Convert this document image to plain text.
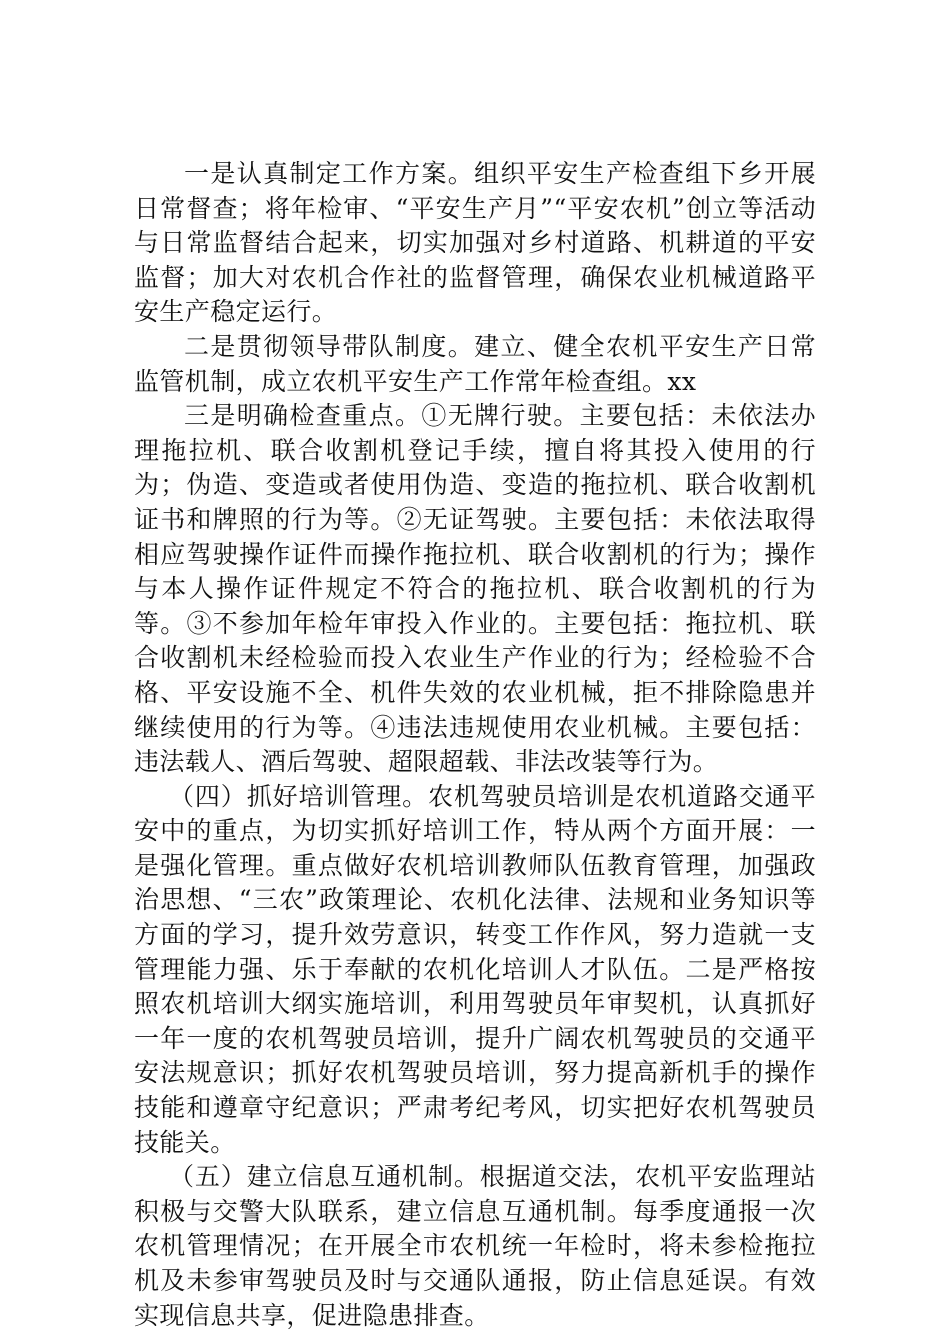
一是认真制定工作方案。组织平安生产检查组下乡开展日常督查；将年检审、“平安生产月”“平安农机”创立等活动与日常监督结合起来，切实加强对乡村道路、机耕道的平安监督；加大对农机合作社的监督管理，确保农业机械道路平安生产稳定运行。

二是贯彻领导带队制度。建立、健全农机平安生产日常监管机制，成立农机平安生产工作常年检查组。xx

三是明确检查重点。①无牌行驶。主要包括：未依法办理拖拉机、联合收割机登记手续，擅自将其投入使用的行为；伪造、变造或者使用伪造、变造的拖拉机、联合收割机证书和牌照的行为等。②无证驾驶。主要包括：未依法取得相应驾驶操作证件而操作拖拉机、联合收割机的行为；操作与本人操作证件规定不符合的拖拉机、联合收割机的行为等。③不参加年检年审投入作业的。主要包括：拖拉机、联合收割机未经检验而投入农业生产作业的行为；经检验不合格、平安设施不全、机件失效的农业机械，拒不排除隐患并继续使用的行为等。④违法违规使用农业机械。主要包括：违法载人、酒后驾驶、超限超载、非法改装等行为。

（四）抓好培训管理。农机驾驶员培训是农机道路交通平安中的重点，为切实抓好培训工作，特从两个方面开展：一是强化管理。重点做好农机培训教师队伍教育管理，加强政治思想、“三农”政策理论、农机化法律、法规和业务知识等方面的学习，提升效劳意识，转变工作作风，努力造就一支管理能力强、乐于奉献的农机化培训人才队伍。二是严格按照农机培训大纲实施培训，利用驾驶员年审契机，认真抓好一年一度的农机驾驶员培训，提升广阔农机驾驶员的交通平安法规意识；抓好农机驾驶员培训，努力提高新机手的操作技能和遵章守纪意识；严肃考纪考风，切实把好农机驾驶员技能关。

（五）建立信息互通机制。根据道交法，农机平安监理站积极与交警大队联系，建立信息互通机制。每季度通报一次农机管理情况；在开展全市农机统一年检时，将未参检拖拉机及未参审驾驶员及时与交通队通报，防止信息延误。有效实现信息共享，促进隐患排查。
